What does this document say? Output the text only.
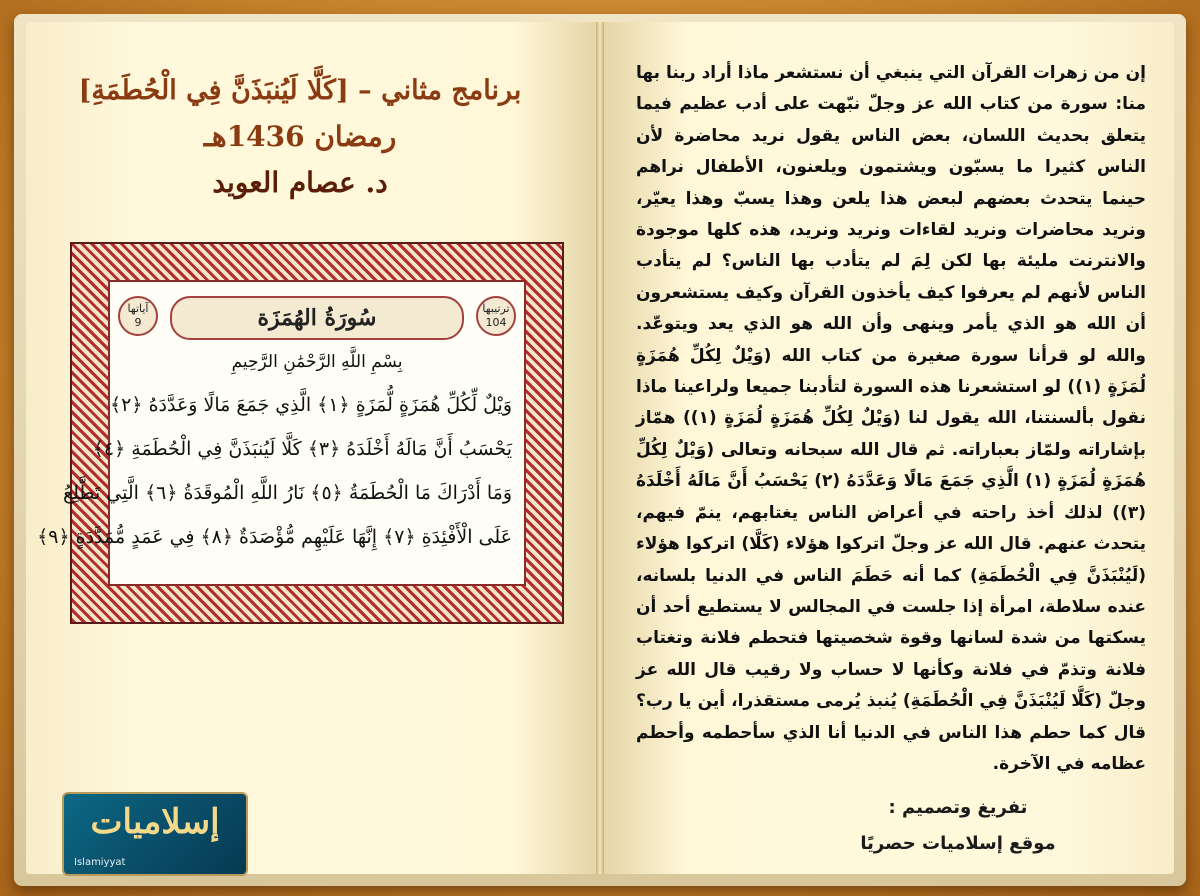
برنامج مثاني – [كَلَّا لَيُنبَذَنَّ فِي الْحُطَمَةِ]
رمضان 1436هـ
د. عصام العويد
آياتها
9	سُورَةُ الهُمَزَة	ترتيبها
104
بِسْمِ اللَّهِ الرَّحْمَٰنِ الرَّحِيمِ
وَيْلٌ لِّكُلِّ هُمَزَةٍ لُّمَزَةٍ ﴿١﴾ الَّذِي جَمَعَ مَالًا وَعَدَّدَهُ ﴿٢﴾
يَحْسَبُ أَنَّ مَالَهُ أَخْلَدَهُ ﴿٣﴾ كَلَّا لَيُنبَذَنَّ فِي الْحُطَمَةِ ﴿٤﴾
وَمَا أَدْرَاكَ مَا الْحُطَمَةُ ﴿٥﴾ نَارُ اللَّهِ الْمُوقَدَةُ ﴿٦﴾ الَّتِي تَطَّلِعُ
عَلَى الْأَفْئِدَةِ ﴿٧﴾ إِنَّهَا عَلَيْهِم مُّؤْصَدَةٌ ﴿٨﴾ فِي عَمَدٍ مُّمَدَّدَةٍ ﴿٩﴾
إسلاميات
Islamiyyat
تفريغ وتصميم :
موقع إسلاميات حصريًا
إن من زهرات القرآن التي ينبغي أن نستشعر ماذا أراد ربنا بها منا: سورة من كتاب الله عز وجلّ نبّهت على أدب عظيم فيما يتعلق بحديث اللسان، بعض الناس يقول نريد محاضرة لأن الناس كثيرا ما يسبّون ويشتمون ويلعنون، الأطفال نراهم حينما يتحدث بعضهم لبعض هذا يلعن وهذا يسبّ وهذا يعيّر، ونريد محاضرات ونريد لقاءات ونريد ونريد، هذه كلها موجودة والانترنت مليئة بها لكن لِمَ لم يتأدب بها الناس؟ لم يتأدب الناس لأنهم لم يعرفوا كيف يأخذون القرآن وكيف يستشعرون أن الله هو الذي يأمر وينهى وأن الله هو الذي يعد ويتوعّد. والله لو قرأنا سورة صغيرة من كتاب الله (وَيْلٌ لِكُلِّ هُمَزَةٍ لُمَزَةٍ (١)) لو استشعرنا هذه السورة لتأدبنا جميعا ولراعينا ماذا نقول بألسنتنا، الله يقول لنا (وَيْلٌ لِكُلِّ هُمَزَةٍ لُمَزَةٍ (١)) همّاز بإشاراته ولمّاز بعباراته. ثم قال الله سبحانه وتعالى (وَيْلٌ لِكُلِّ هُمَزَةٍ لُمَزَةٍ (١) الَّذِي جَمَعَ مَالًا وَعَدَّدَهُ (٢) يَحْسَبُ أَنَّ مَالَهُ أَخْلَدَهُ (٣)) لذلك أخذ راحته في أعراض الناس يغتابهم، ينمّ فيهم، يتحدث عنهم. قال الله عز وجلّ اتركوا هؤلاء (كَلَّا) اتركوا هؤلاء (لَيُنْبَذَنَّ فِي الْحُطَمَةِ) كما أنه حَطَمَ الناس في الدنيا بلسانه، عنده سلاطة، امرأة إذا جلست في المجالس لا يستطيع أحد أن يسكتها من شدة لسانها وقوة شخصيتها فتحطم فلانة وتغتاب فلانة وتذمّ في فلانة وكأنها لا حساب ولا رقيب قال الله عز وجلّ (كَلَّا لَيُنْبَذَنَّ فِي الْحُطَمَةِ) يُنبذ يُرمى مستقذرا، أين يا رب؟ قال كما حطم هذا الناس في الدنيا أنا الذي سأحطمه وأحطم عظامه في الآخرة.
